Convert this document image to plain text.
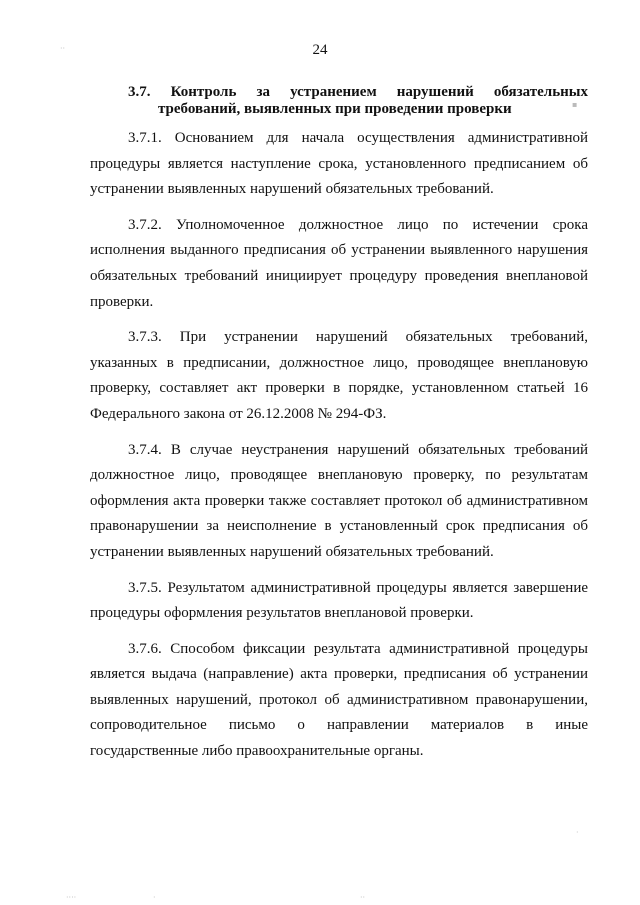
24
3.7. Контроль за устранением нарушений обязательных
требований, выявленных при проведении проверки

3.7.1. Основанием для начала осуществления административной процедуры является наступление срока, установленного предписанием об устранении выявленных нарушений обязательных требований.

3.7.2. Уполномоченное должностное лицо по истечении срока исполнения выданного предписания об устранении выявленного нарушения обязательных требований инициирует процедуру проведения внеплановой проверки.

3.7.3. При устранении нарушений обязательных требований, указанных в предписании, должностное лицо, проводящее внеплановую проверку, составляет акт проверки в порядке, установленном статьей 16 Федерального закона от 26.12.2008 № 294-ФЗ.

3.7.4. В случае неустранения нарушений обязательных требований должностное лицо, проводящее внеплановую проверку, по результатам оформления акта проверки также составляет протокол об административном правонарушении за неисполнение в установленный срок предписания об устранении выявленных нарушений обязательных требований.

3.7.5. Результатом административной процедуры является завершение процедуры оформления результатов внеплановой проверки.

3.7.6. Способом фиксации результата административной процедуры является выдача (направление) акта проверки, предписания об устранении выявленных нарушений, протокол об административном правонарушении, сопроводительное письмо о направлении материалов в иные государственные либо правоохранительные органы.

··
▪
·
····	·	··
